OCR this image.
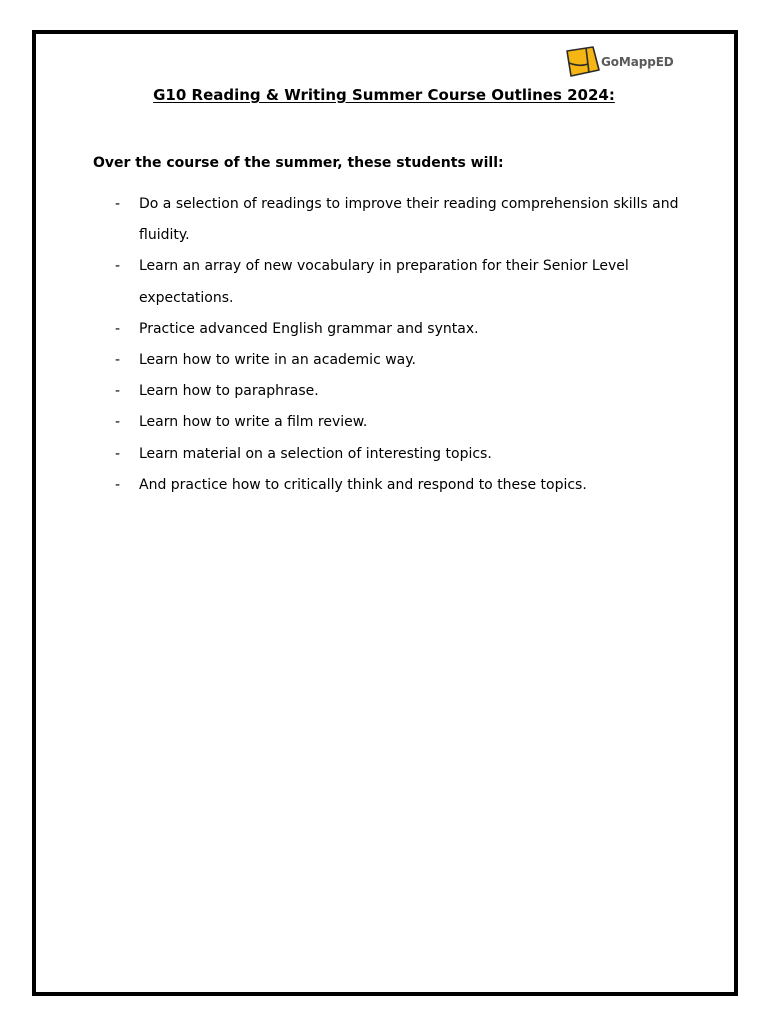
GoMappED
G10 Reading & Writing Summer Course Outlines 2024:

Over the course of the summer, these students will:

- Do a selection of readings to improve their reading comprehension skills and fluidity.
- Learn an array of new vocabulary in preparation for their Senior Level expectations.
- Practice advanced English grammar and syntax.
- Learn how to write in an academic way.
- Learn how to paraphrase.
- Learn how to write a film review.
- Learn material on a selection of interesting topics.
- And practice how to critically think and respond to these topics.
